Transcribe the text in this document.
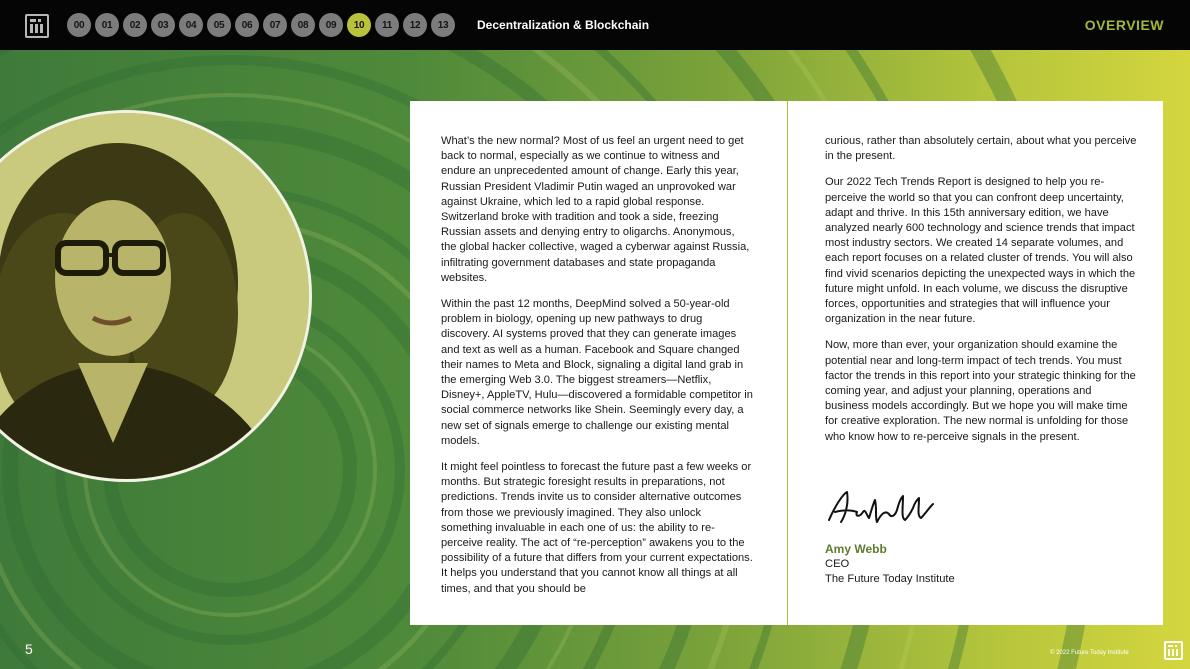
00	01	02	03	04	05	06	07	08	09	10	11	12	13	Decentralization & Blockchain	OVERVIEW

What’s the new normal? Most of us feel an urgent need to get back to normal, especially as we continue to witness and endure an unprecedented amount of change. Early this year, Russian President Vladimir Putin waged an unprovoked war against Ukraine, which led to a rapid global response. Switzerland broke with tradition and took a side, freezing Russian assets and denying entry to oligarchs. Anonymous, the global hacker collective, waged a cyberwar against Russia, infiltrating government databases and state propaganda websites.

Within the past 12 months, DeepMind solved a 50-year-old problem in biology, opening up new pathways to drug discovery. AI systems proved that they can generate images and text as well as a human. Facebook and Square changed their names to Meta and Block, signaling a digital land grab in the emerging Web 3.0. The biggest streamers—Netflix, Disney+, AppleTV, Hulu—discovered a formidable competitor in social commerce networks like Shein. Seemingly every day, a new set of signals emerge to challenge our existing mental models.

It might feel pointless to forecast the future past a few weeks or months. But strategic foresight results in preparations, not predictions. Trends invite us to consider alternative outcomes from those we previously imagined. They also unlock something invaluable in each one of us: the ability to re-perceive reality. The act of “re-perception” awakens you to the possibility of a future that differs from your current expectations. It helps you understand that you cannot know all things at all times, and that you should be

curious, rather than absolutely certain, about what you perceive in the present.

Our 2022 Tech Trends Report is designed to help you re-perceive the world so that you can confront deep uncertainty, adapt and thrive. In this 15th anniversary edition, we have analyzed nearly 600 technology and science trends that impact most industry sectors. We created 14 separate volumes, and each report focuses on a related cluster of trends. You will also find vivid scenarios depicting the unexpected ways in which the future might unfold. In each volume, we discuss the disruptive forces, opportunities and strategies that will influence your organization in the near future.

Now, more than ever, your organization should examine the potential near and long-term impact of tech trends. You must factor the trends in this report into your strategic thinking for the coming year, and adjust your planning, operations and business models accordingly. But we hope you will make time for creative exploration. The new normal is unfolding for those who know how to re-perceive signals in the present.

Amy Webb
CEO
The Future Today Institute
5	© 2022 Future Today Institute
